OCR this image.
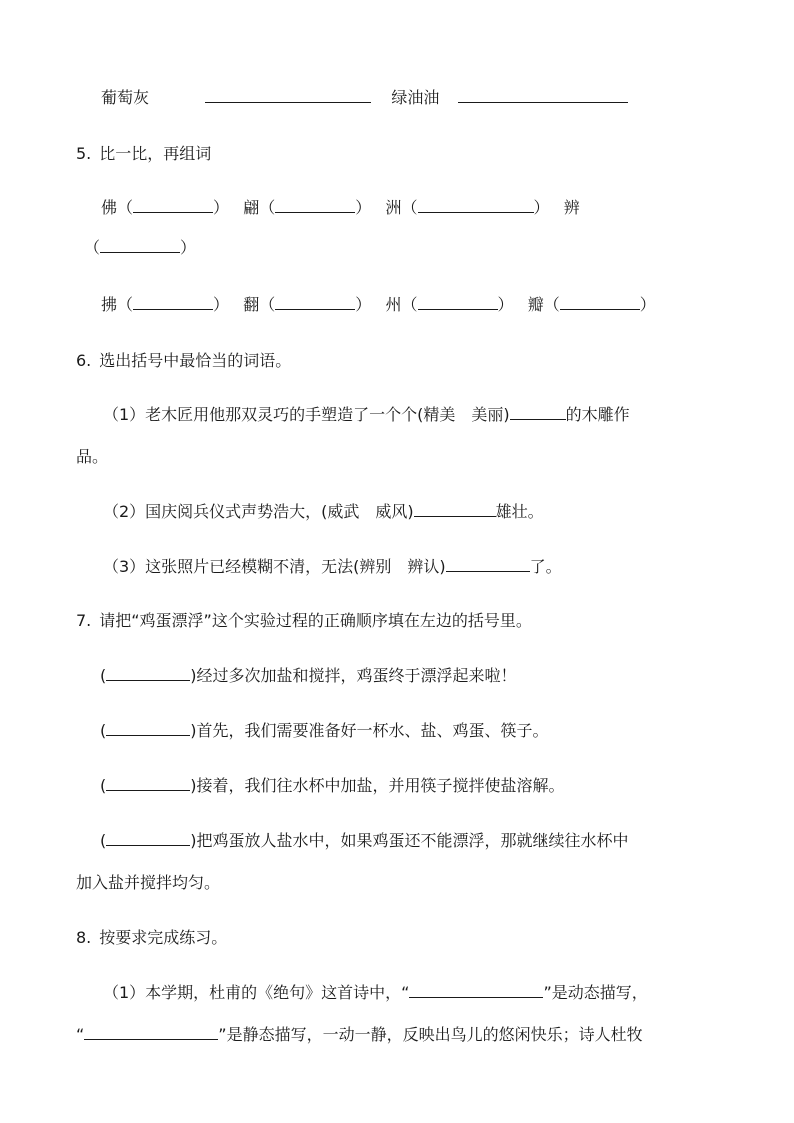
葡萄灰	绿油油
5. 比一比，再组词
佛（	） 翩（	） 洲（	） 辨
（	）
拂（	） 翻（	） 州（	） 瓣（	）
6. 选出括号中最恰当的词语。
（1）老木匠用他那双灵巧的手塑造了一个个(精美　美丽)	的木雕作
品。
（2）国庆阅兵仪式声势浩大，(威武　威风)	雄壮。
（3）这张照片已经模糊不清，无法(辨别　辨认)	了。
7. 请把“鸡蛋漂浮”这个实验过程的正确顺序填在左边的括号里。
(	)经过多次加盐和搅拌，鸡蛋终于漂浮起来啦！
(	)首先，我们需要准备好一杯水、盐、鸡蛋、筷子。
(	)接着，我们往水杯中加盐，并用筷子搅拌使盐溶解。
(	)把鸡蛋放人盐水中，如果鸡蛋还不能漂浮，那就继续往水杯中
加入盐并搅拌均匀。
8. 按要求完成练习。
（1）本学期，杜甫的《绝句》这首诗中，“	”是动态描写，
“	”是静态描写，一动一静，反映出鸟儿的悠闲快乐；诗人杜牧
